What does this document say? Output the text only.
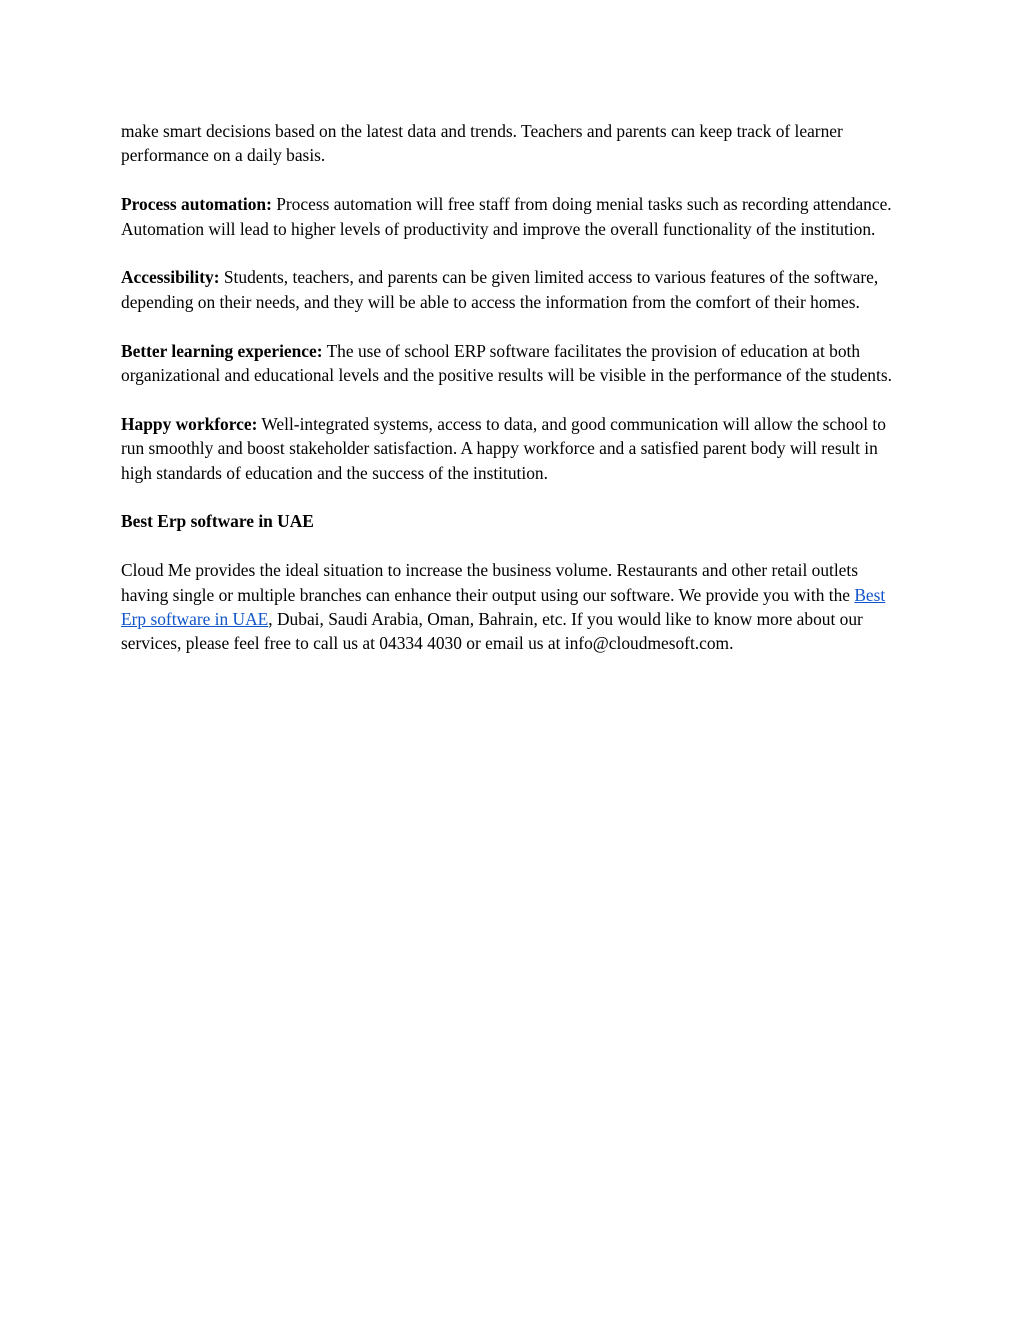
make smart decisions based on the latest data and trends. Teachers and parents can keep track of learner performance on a daily basis.

Process automation: Process automation will free staff from doing menial tasks such as recording attendance. Automation will lead to higher levels of productivity and improve the overall functionality of the institution.

Accessibility: Students, teachers, and parents can be given limited access to various features of the software, depending on their needs, and they will be able to access the information from the comfort of their homes.

Better learning experience: The use of school ERP software facilitates the provision of education at both organizational and educational levels and the positive results will be visible in the performance of the students.

Happy workforce: Well-integrated systems, access to data, and good communication will allow the school to run smoothly and boost stakeholder satisfaction. A happy workforce and a satisfied parent body will result in high standards of education and the success of the institution.

Best Erp software in UAE

Cloud Me provides the ideal situation to increase the business volume. Restaurants and other retail outlets having single or multiple branches can enhance their output using our software. We provide you with the Best Erp software in UAE, Dubai, Saudi Arabia, Oman, Bahrain, etc. If you would like to know more about our services, please feel free to call us at 04334 4030 or email us at info@cloudmesoft.com.
